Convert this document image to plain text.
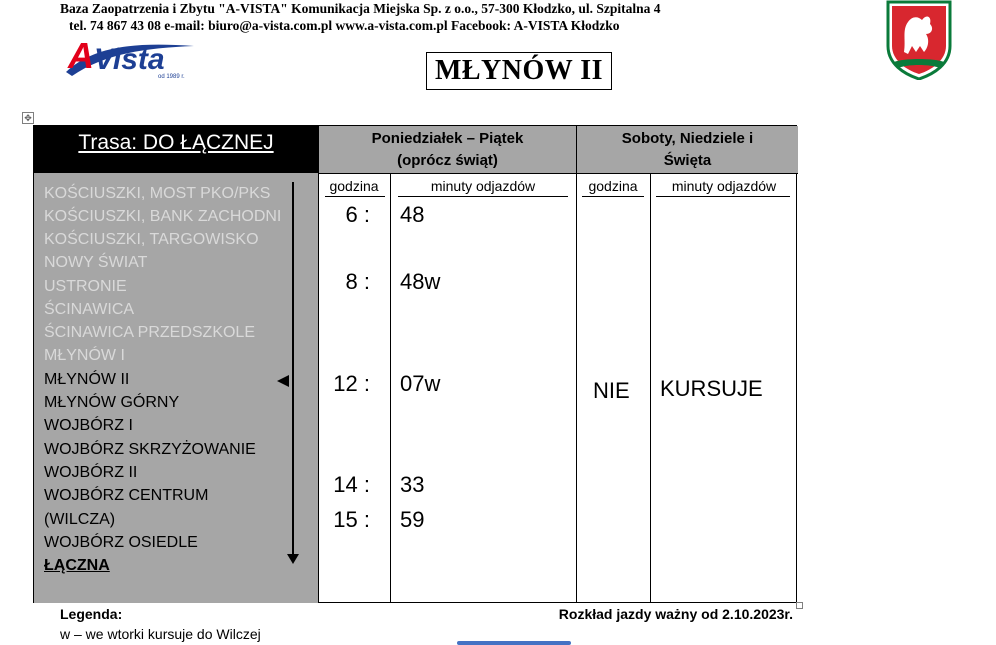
Baza Zaopatrzenia i Zbytu "A-VISTA" Komunikacja Miejska Sp. z o.o., 57-300 Kłodzko, ul. Szpitalna 4
tel. 74 867 43 08 e-mail: biuro@a-vista.com.pl www.a-vista.com.pl Facebook: A-VISTA Kłodzko
A Vista
od 1989 r.	MŁYNÓW II
✥
Trasa: DO ŁĄCZNEJ
KOŚCIUSZKI, MOST PKO/PKS
KOŚCIUSZKI, BANK ZACHODNI
KOŚCIUSZKI, TARGOWISKO
NOWY ŚWIAT
USTRONIE
ŚCINAWICA
ŚCINAWICA PRZEDSZKOLE
MŁYNÓW I
MŁYNÓW II
MŁYNÓW GÓRNY
WOJBÓRZ I
WOJBÓRZ SKRZYŻOWANIE
WOJBÓRZ II
WOJBÓRZ CENTRUM
(WILCZA)
WOJBÓRZ OSIEDLE
ŁĄCZNA
Poniedziałek – Piątek
(oprócz świąt)
Soboty, Niedziele i
Święta
godzina	minuty odjazdów	godzina	minuty odjazdów
6 : 48
8 : 48w
12 : 07w
14 : 33
15 : 59
NIE KURSUJE
Legenda:
w – we wtorki kursuje do Wilczej
Rozkład jazdy ważny od 2.10.2023r.
